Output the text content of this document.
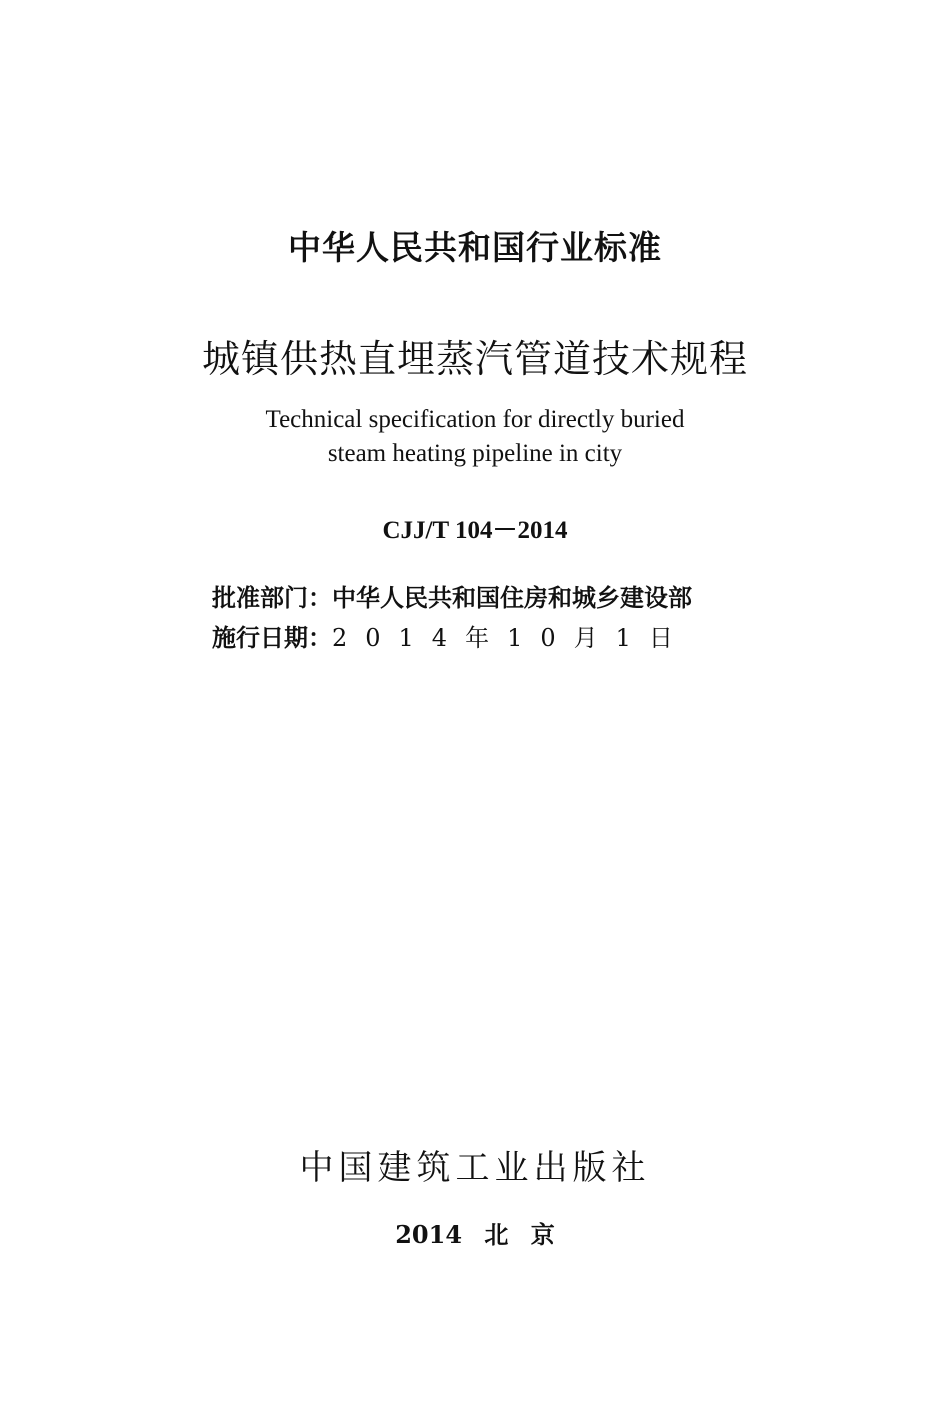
中华人民共和国行业标准
城镇供热直埋蒸汽管道技术规程
Technical specification for directly buried
steam heating pipeline in city
CJJ/T 104－2014
批准部门：中华人民共和国住房和城乡建设部
施行日期：2014年10月1日
中国建筑工业出版社
2014 北 京
